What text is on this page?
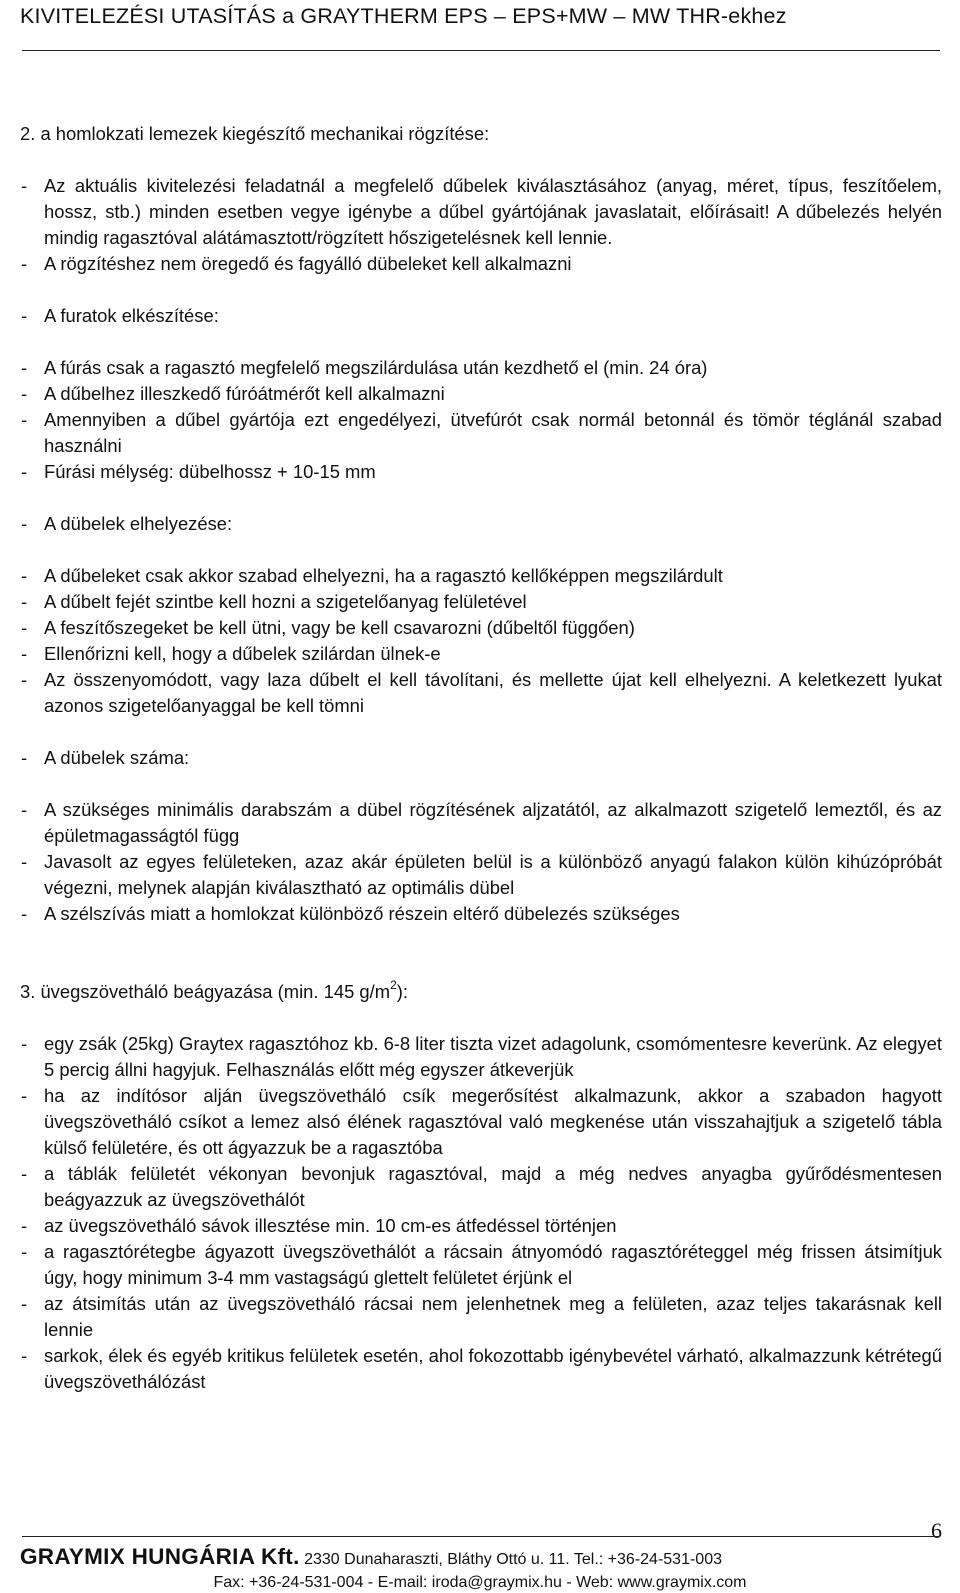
KIVITELEZÉSI UTASÍTÁS a GRAYTHERM EPS – EPS+MW – MW THR-ekhez

2. a homlokzati lemezek kiegészítő mechanikai rögzítése:

- Az aktuális kivitelezési feladatnál a megfelelő dűbelek kiválasztásához (anyag, méret, típus, feszítőelem, hossz, stb.) minden esetben vegye igénybe a dűbel gyártójának javaslatait, előírásait! A dűbelezés helyén mindig ragasztóval alátámasztott/rögzített hőszigetelésnek kell lennie.
- A rögzítéshez nem öregedő és fagyálló dübeleket kell alkalmazni
- A furatok elkészítése:
- A fúrás csak a ragasztó megfelelő megszilárdulása után kezdhető el (min. 24 óra)
- A dűbelhez illeszkedő fúróátmérőt kell alkalmazni
- Amennyiben a dűbel gyártója ezt engedélyezi, ütvefúrót csak normál betonnál és tömör téglánál szabad használni
- Fúrási mélység: dübelhossz + 10-15 mm
- A dübelek elhelyezése:
- A dűbeleket csak akkor szabad elhelyezni, ha a ragasztó kellőképpen megszilárdult
- A dűbelt fejét szintbe kell hozni a szigetelőanyag felületével
- A feszítőszegeket be kell ütni, vagy be kell csavarozni (dűbeltől függően)
- Ellenőrizni kell, hogy a dűbelek szilárdan ülnek-e
- Az összenyomódott, vagy laza dűbelt el kell távolítani, és mellette újat kell elhelyezni. A keletkezett lyukat azonos szigetelőanyaggal be kell tömni
- A dübelek száma:
- A szükséges minimális darabszám a dübel rögzítésének aljzatától, az alkalmazott szigetelő lemeztől, és az épületmagasságtól függ
- Javasolt az egyes felületeken, azaz akár épületen belül is a különböző anyagú falakon külön kihúzópróbát végezni, melynek alapján kiválasztható az optimális dübel
- A szélszívás miatt a homlokzat különböző részein eltérő dübelezés szükséges

3. üvegszövetháló beágyazása (min. 145 $g/m^2$):

- egy zsák (25kg) Graytex ragasztóhoz kb. 6-8 liter tiszta vizet adagolunk, csomómentesre keverünk. Az elegyet 5 percig állni hagyjuk. Felhasználás előtt még egyszer átkeverjük
- ha az indítósor alján üvegszövetháló csík megerősítést alkalmazunk, akkor a szabadon hagyott üvegszövetháló csíkot a lemez alsó élének ragasztóval való megkenése után visszahajtjuk a szigetelő tábla külső felületére, és ott ágyazzuk be a ragasztóba
- a táblák felületét vékonyan bevonjuk ragasztóval, majd a még nedves anyagba gyűrődésmentesen beágyazzuk az üvegszövethálót
- az üvegszövetháló sávok illesztése min. 10 cm-es átfedéssel történjen
- a ragasztórétegbe ágyazott üvegszövethálót a rácsain átnyomódó ragasztóréteggel még frissen átsimítjuk úgy, hogy minimum 3-4 mm vastagságú glettelt felületet érjünk el
- az átsimítás után az üvegszövetháló rácsai nem jelenhetnek meg a felületen, azaz teljes takarásnak kell lennie
- sarkok, élek és egyéb kritikus felületek esetén, ahol fokozottabb igénybevétel várható, alkalmazzunk kétrétegű üvegszövethálózást
6
GRAYMIX HUNGÁRIA Kft. 2330 Dunaharaszti, Bláthy Ottó u. 11. Tel.: +36-24-531-003
Fax: +36-24-531-004 - E-mail: iroda@graymix.hu - Web: www.graymix.com
